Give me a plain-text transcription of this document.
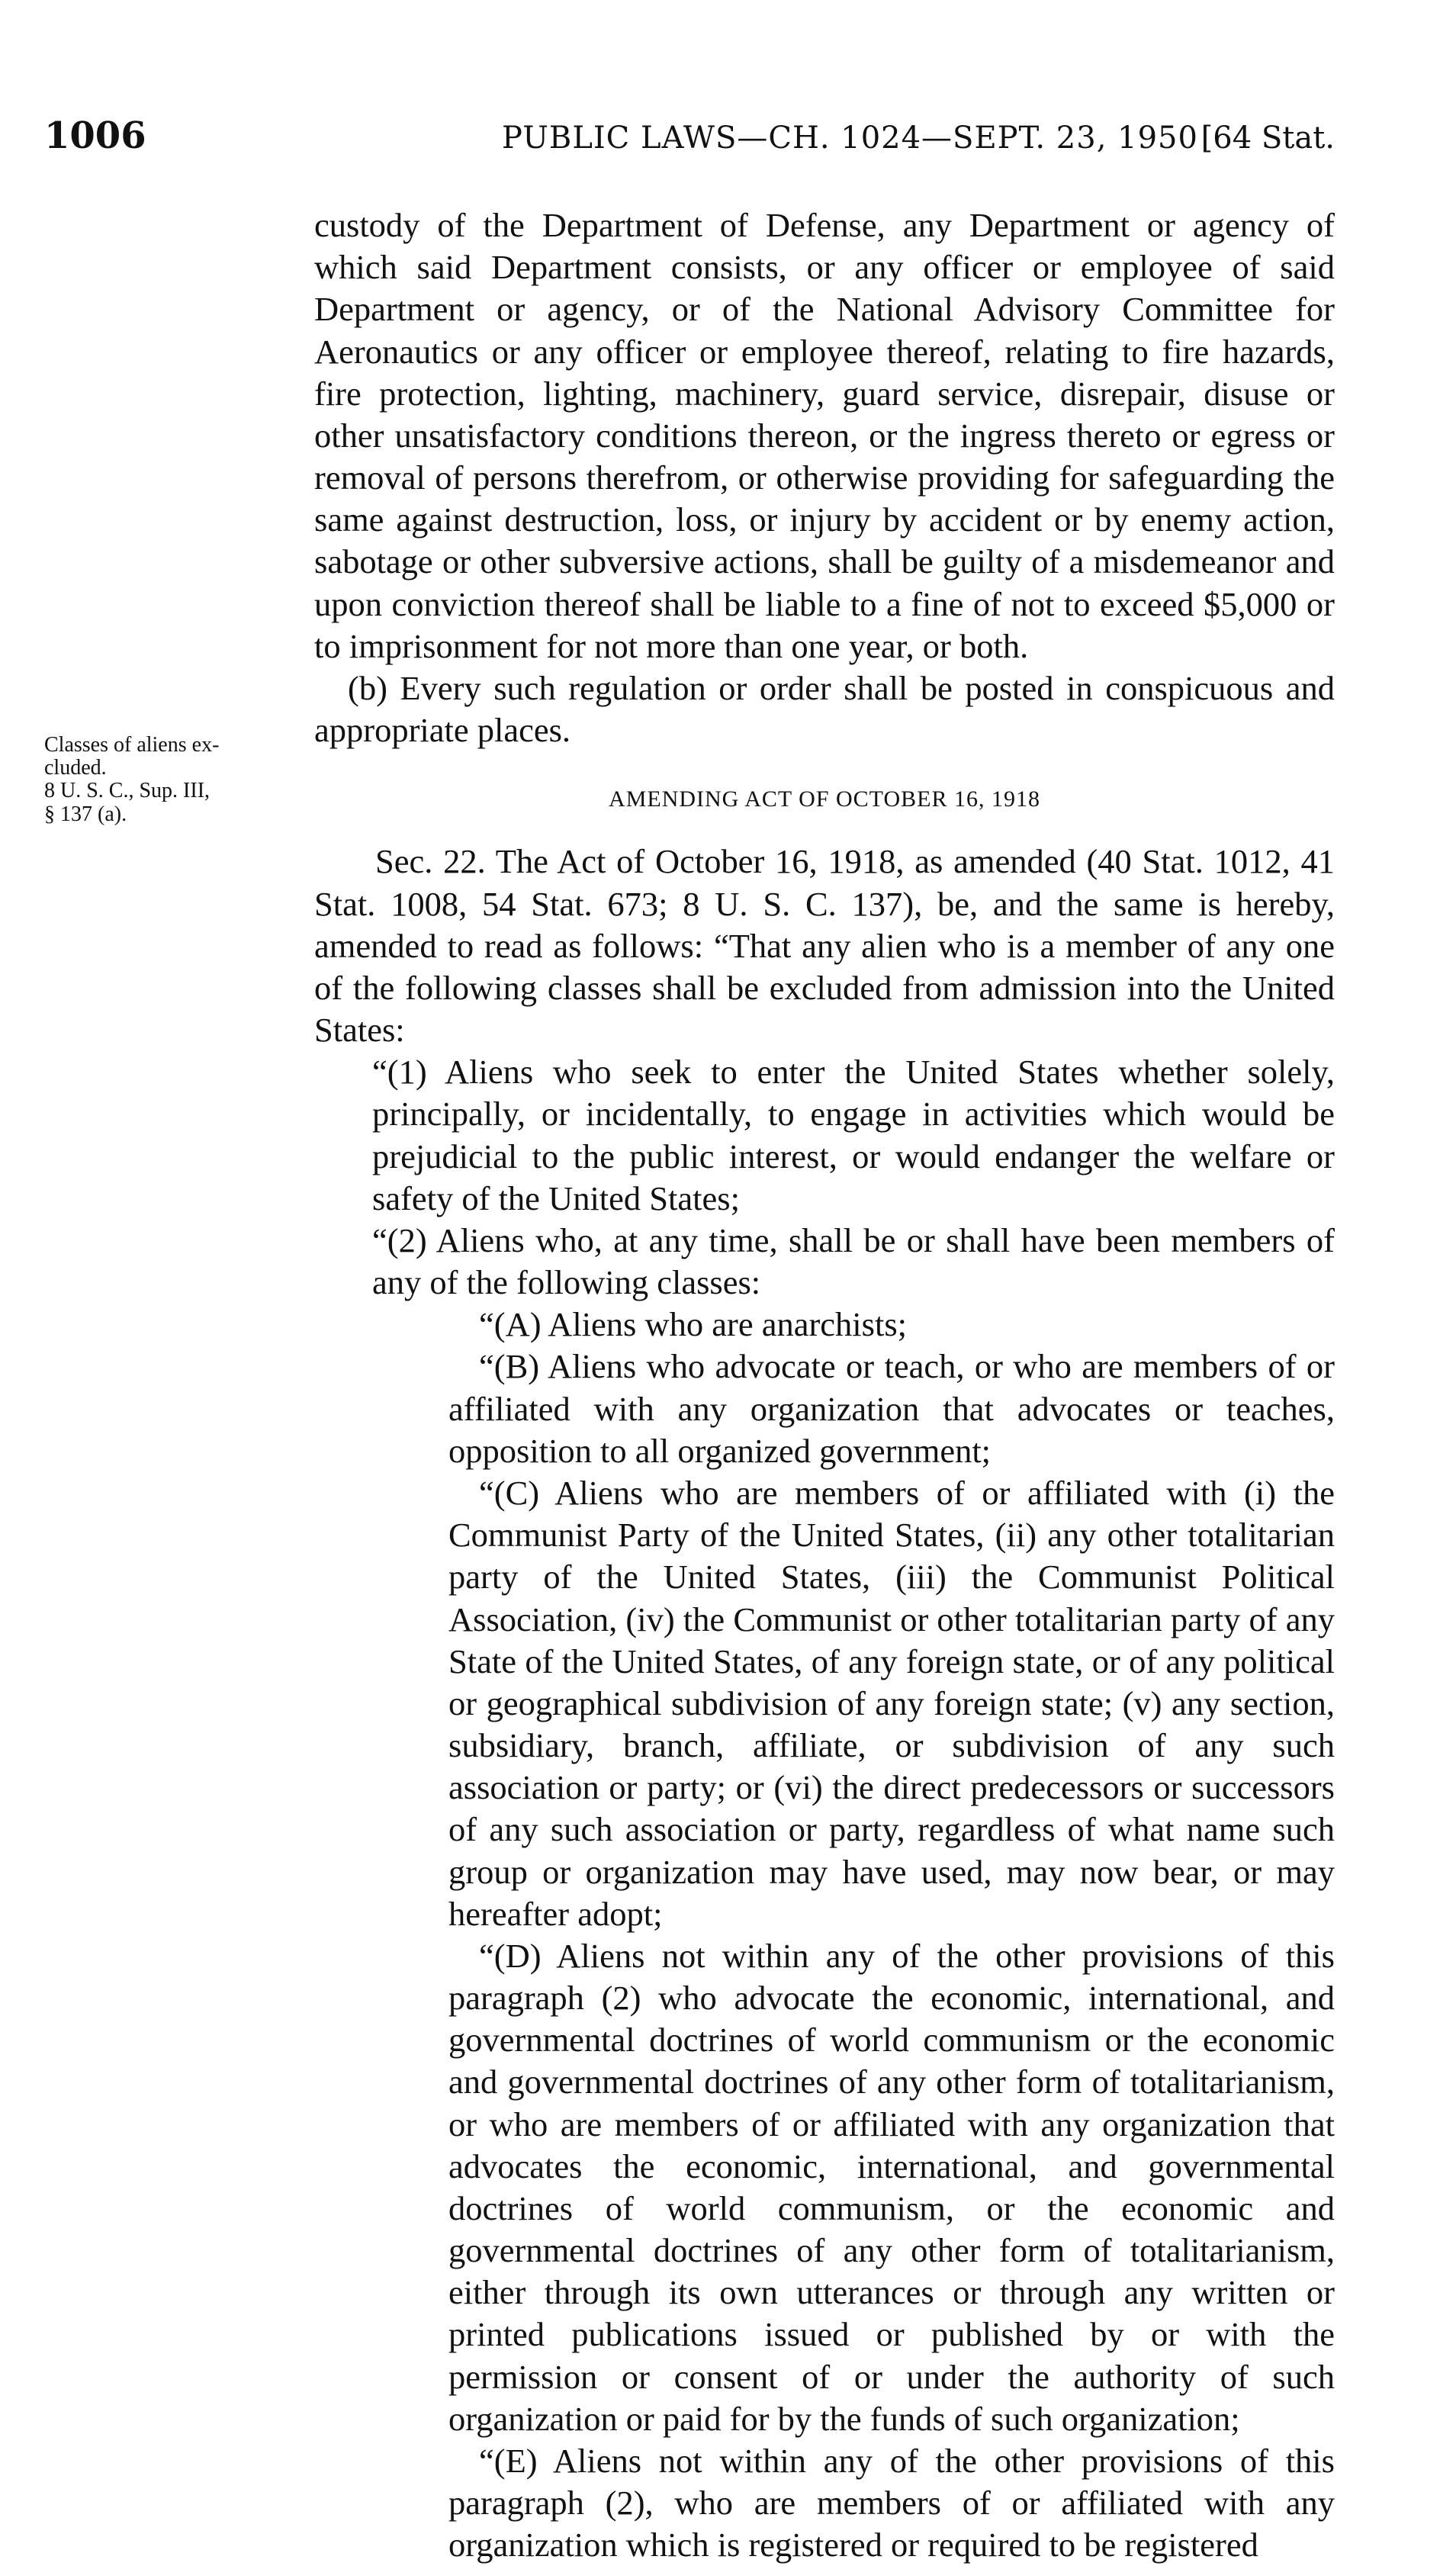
1006	PUBLIC LAWS—CH. 1024—SEPT. 23, 1950 [64 Stat.
Classes of aliens ex-
cluded.
8 U. S. C., Sup. III,
§ 137 (a).

custody of the Department of Defense, any Department or agency of which said Department consists, or any officer or employee of said Department or agency, or of the National Advisory Committee for Aeronautics or any officer or employee thereof, relating to fire hazards, fire protection, lighting, machinery, guard service, disrepair, disuse or other unsatisfactory conditions thereon, or the ingress thereto or egress or removal of persons therefrom, or otherwise providing for safeguarding the same against destruction, loss, or injury by accident or by enemy action, sabotage or other subversive actions, shall be guilty of a misdemeanor and upon conviction thereof shall be liable to a fine of not to exceed $5,000 or to imprisonment for not more than one year, or both.

(b) Every such regulation or order shall be posted in conspicuous and appropriate places.

AMENDING ACT OF OCTOBER 16, 1918

Sec. 22. The Act of October 16, 1918, as amended (40 Stat. 1012, 41 Stat. 1008, 54 Stat. 673; 8 U. S. C. 137), be, and the same is hereby, amended to read as follows: “That any alien who is a member of any one of the following classes shall be excluded from admission into the United States:

“(1) Aliens who seek to enter the United States whether solely, principally, or incidentally, to engage in activities which would be prejudicial to the public interest, or would endanger the welfare or safety of the United States;

“(2) Aliens who, at any time, shall be or shall have been members of any of the following classes:

“(A) Aliens who are anarchists;

“(B) Aliens who advocate or teach, or who are members of or affiliated with any organization that advocates or teaches, opposition to all organized government;

“(C) Aliens who are members of or affiliated with (i) the Communist Party of the United States, (ii) any other totalitarian party of the United States, (iii) the Communist Political Association, (iv) the Communist or other totalitarian party of any State of the United States, of any foreign state, or of any political or geographical subdivision of any foreign state; (v) any section, subsidiary, branch, affiliate, or subdivision of any such association or party; or (vi) the direct predecessors or successors of any such association or party, regardless of what name such group or organization may have used, may now bear, or may hereafter adopt;

“(D) Aliens not within any of the other provisions of this paragraph (2) who advocate the economic, international, and governmental doctrines of world communism or the economic and governmental doctrines of any other form of totalitarianism, or who are members of or affiliated with any organization that advocates the economic, international, and governmental doctrines of world communism, or the economic and governmental doctrines of any other form of totalitarianism, either through its own utterances or through any written or printed publications issued or published by or with the permission or consent of or under the authority of such organization or paid for by the funds of such organization;

“(E) Aliens not within any of the other provisions of this paragraph (2), who are members of or affiliated with any organization which is registered or required to be registered
